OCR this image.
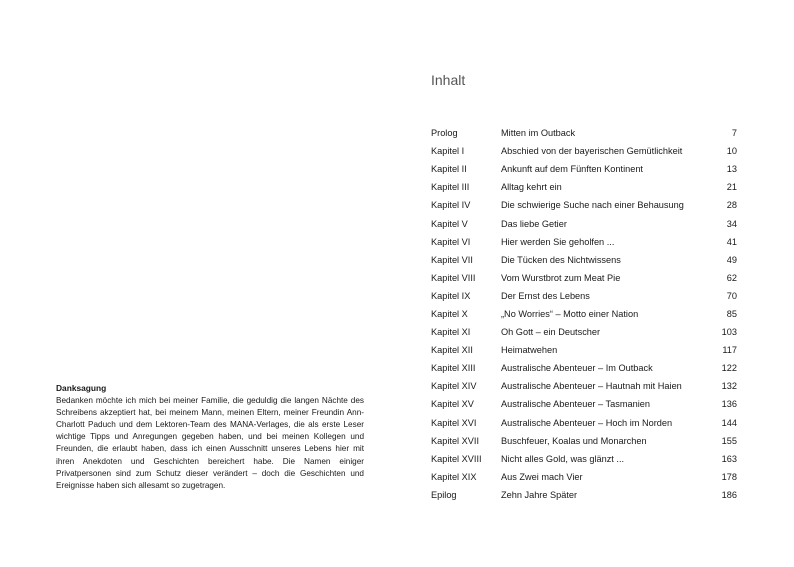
Danksagung

Bedanken möchte ich mich bei meiner Familie, die geduldig die langen Nächte des Schreibens akzeptiert hat, bei meinem Mann, meinen Eltern, meiner Freundin Ann-Charlott Paduch und dem Lektoren-Team des MANA-Verlages, die als erste Leser wichtige Tipps und Anregungen gegeben haben, und bei meinen Kollegen und Freunden, die erlaubt haben, dass ich einen Ausschnitt unseres Lebens hier mit ihren Anekdoten und Geschichten bereichert habe. Die Namen einiger Privatpersonen sind zum Schutz dieser verändert – doch die Geschichten und Ereignisse haben sich allesamt so zugetragen.

Inhalt
Prolog	Mitten im Outback	7
Kapitel I	Abschied von der bayerischen Gemütlichkeit	10
Kapitel II	Ankunft auf dem Fünften Kontinent	13
Kapitel III	Alltag kehrt ein	21
Kapitel IV	Die schwierige Suche nach einer Behausung	28
Kapitel V	Das liebe Getier	34
Kapitel VI	Hier werden Sie geholfen ...	41
Kapitel VII	Die Tücken des Nichtwissens	49
Kapitel VIII	Vom Wurstbrot zum Meat Pie	62
Kapitel IX	Der Ernst des Lebens	70
Kapitel X	„No Worries“ – Motto einer Nation	85
Kapitel XI	Oh Gott – ein Deutscher	103
Kapitel XII	Heimatwehen	117
Kapitel XIII	Australische Abenteuer – Im Outback	122
Kapitel XIV	Australische Abenteuer – Hautnah mit Haien	132
Kapitel XV	Australische Abenteuer – Tasmanien	136
Kapitel XVI	Australische Abenteuer – Hoch im Norden	144
Kapitel XVII	Buschfeuer, Koalas und Monarchen	155
Kapitel XVIII	Nicht alles Gold, was glänzt ...	163
Kapitel XIX	Aus Zwei mach Vier	178
Epilog	Zehn Jahre Später	186
